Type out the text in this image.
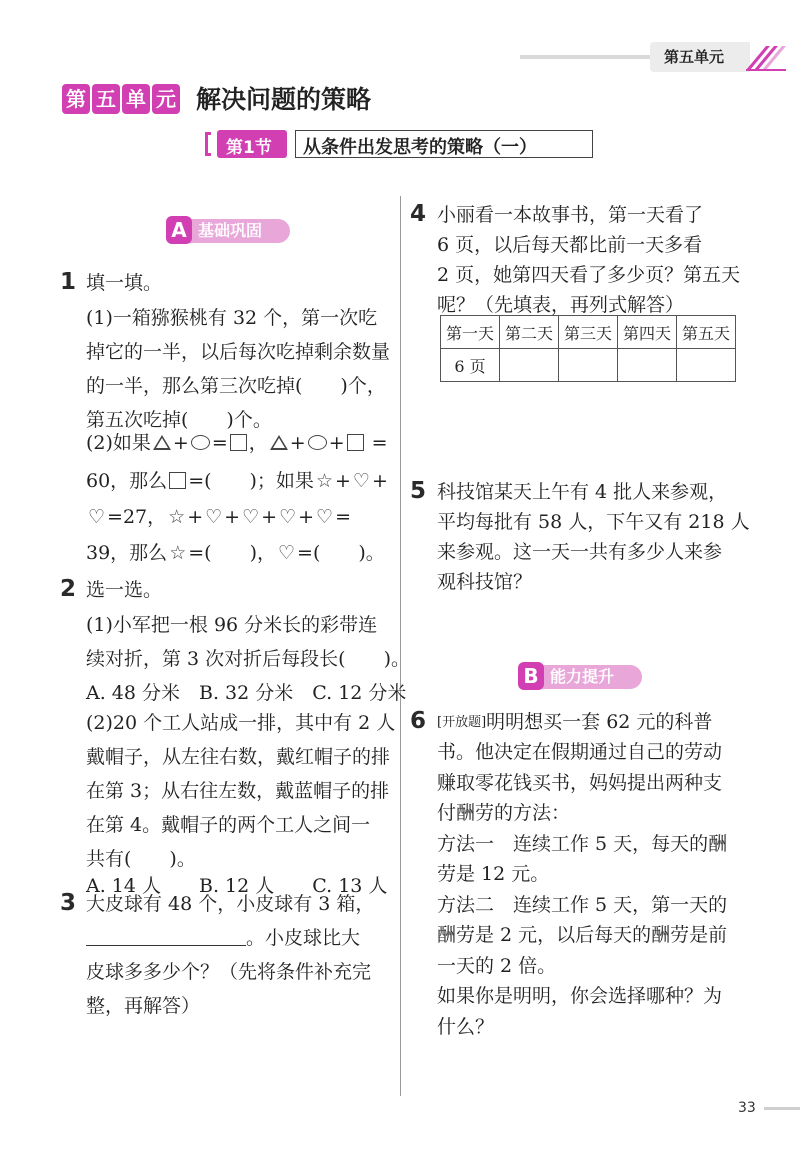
第五单元
第 五 单 元 解决问题的策略
第1节 从条件出发思考的策略（一）
A 基础巩固
1 填一填。
(1)一箱猕猴桃有 32 个，第一次吃
掉它的一半，以后每次吃掉剩余数量
的一半，那么第三次吃掉(　　)个，
第五次吃掉(　　)个。
(2)如果 + = ， + + =
60，那么 =(　　)；如果 ☆ + ♡ +
♡ =27， ☆ + ♡ + ♡ + ♡ + ♡ =
39，那么 ☆ =(　　)， ♡ =(　　)。
2 选一选。
(1)小军把一根 96 分米长的彩带连
续对折，第 3 次对折后每段长(　　)。
A. 48 分米　B. 32 分米　C. 12 分米
(2)20 个工人站成一排，其中有 2 人
戴帽子，从左往右数，戴红帽子的排
在第 3；从右往左数，戴蓝帽子的排
在第 4。戴帽子的两个工人之间一
共有(　　)。
A. 14 人　　B. 12 人　　C. 13 人
3 大皮球有 48 个，小皮球有 3 箱，
。小皮球比大
皮球多多少个？（先将条件补充完
整，再解答）
4 小丽看一本故事书，第一天看了
6 页，以后每天都比前一天多看
2 页，她第四天看了多少页？第五天
呢？（先填表，再列式解答）
第一天	第二天	第三天	第四天	第五天
6 页				
5 科技馆某天上午有 4 批人来参观，
平均每批有 58 人，下午又有 218 人
来参观。这一天一共有多少人来参
观科技馆？
B 能力提升
6 [开放题]明明想买一套 62 元的科普
书。他决定在假期通过自己的劳动
赚取零花钱买书，妈妈提出两种支
付酬劳的方法：
方法一　连续工作 5 天，每天的酬
劳是 12 元。
方法二　连续工作 5 天，第一天的
酬劳是 2 元，以后每天的酬劳是前
一天的 2 倍。
如果你是明明，你会选择哪种？为
什么？
33
